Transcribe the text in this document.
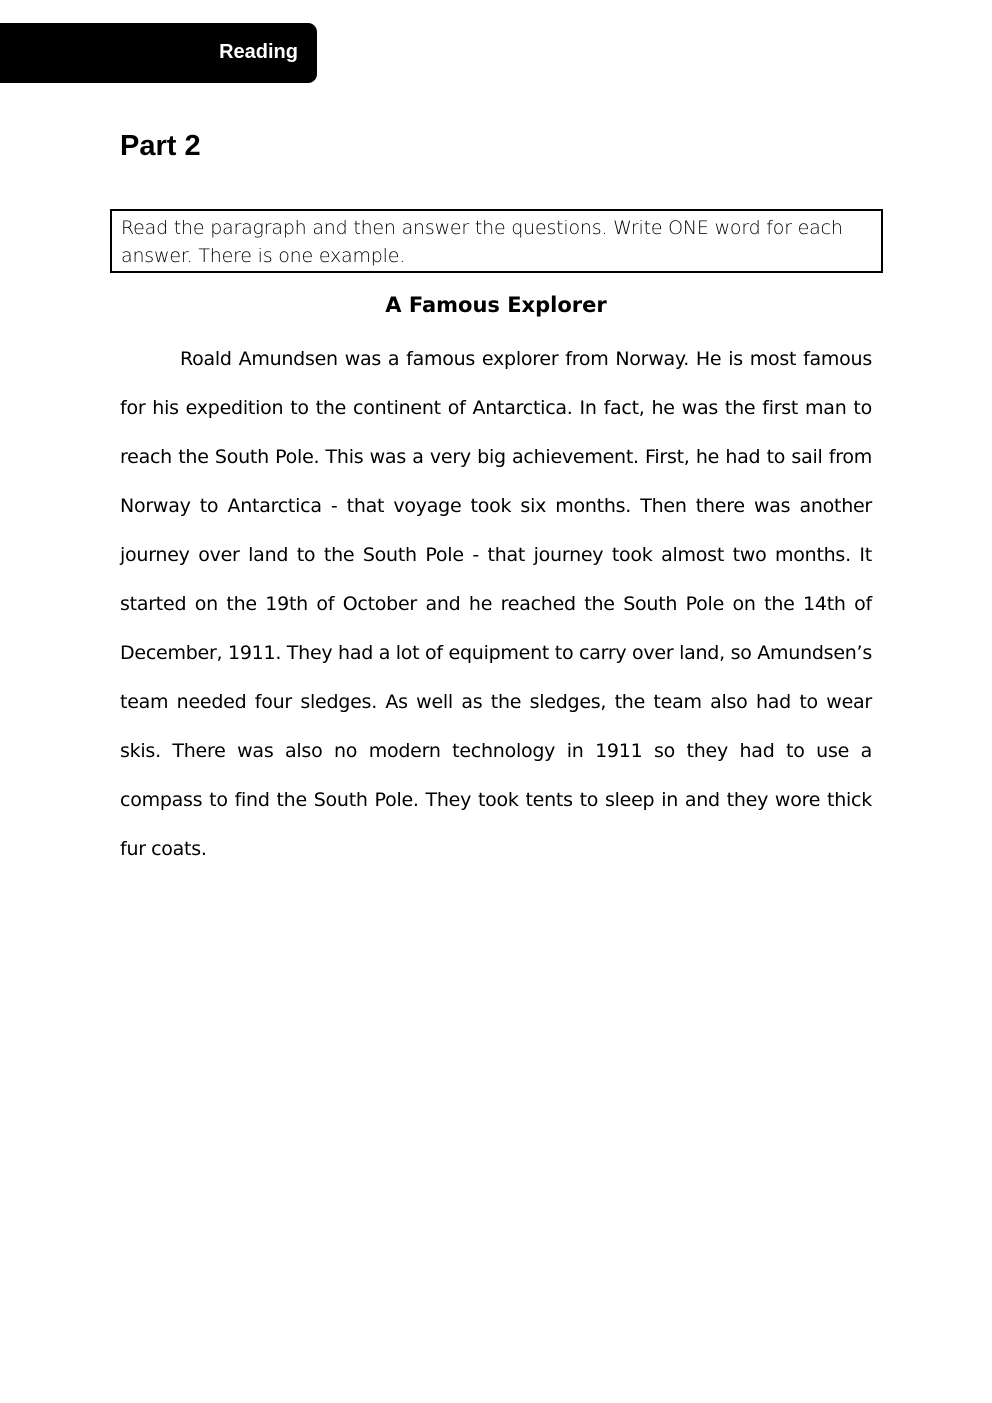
Reading
Part 2
Read the paragraph and then answer the questions. Write ONE word for each answer. There is one example.
A Famous Explorer

Roald Amundsen was a famous explorer from Norway. He is most famous for his expedition to the continent of Antarctica. In fact, he was the first man to reach the South Pole. This was a very big achievement. First, he had to sail from Norway to Antarctica - that voyage took six months. Then there was another journey over land to the South Pole - that journey took almost two months. It started on the 19th of October and he reached the South Pole on the 14th of December, 1911. They had a lot of equipment to carry over land, so Amundsen’s team needed four sledges. As well as the sledges, the team also had to wear skis. There was also no modern technology in 1911 so they had to use a compass to find the South Pole. They took tents to sleep in and they wore thick fur coats.
